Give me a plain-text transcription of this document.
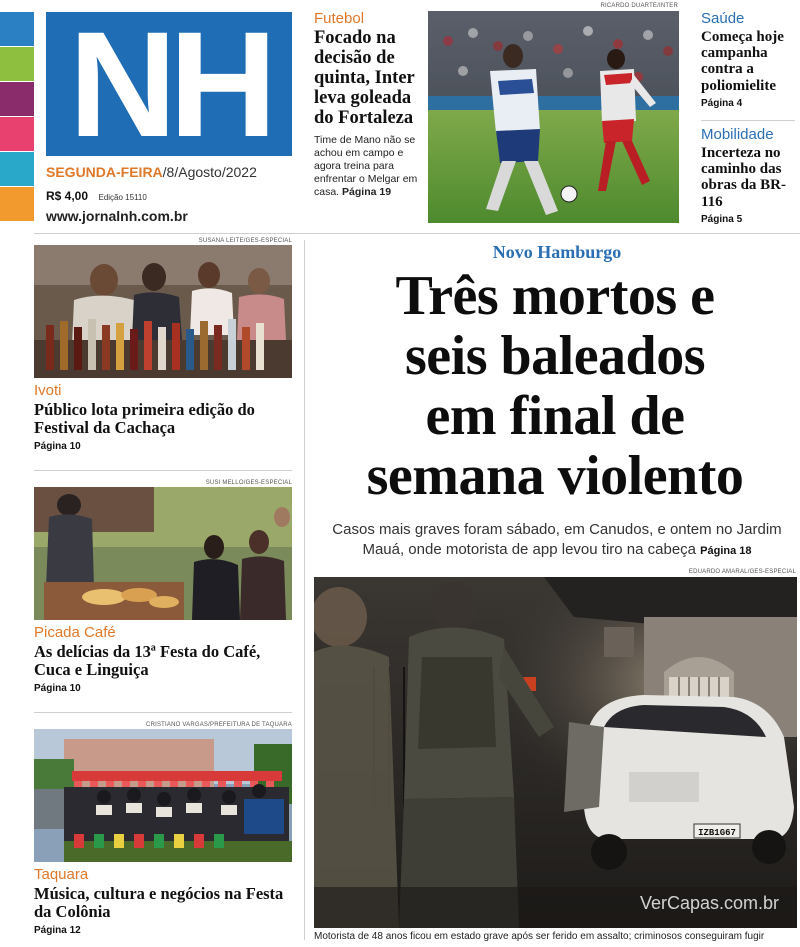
NH
SEGUNDA-FEIRA/8/Agosto/2022
R$ 4,00 Edição 15110
www.jornalnh.com.br
Futebol
Focado na decisão de quinta, Inter leva goleada do Fortaleza
Time de Mano não se achou em campo e agora treina para enfrentar o Melgar em casa. Página 19
RICARDO DUARTE/INTER
Saúde
Começa hoje campanha contra a poliomielite
Página 4
Mobilidade
Incerteza no caminho das obras da BR-116
Página 5
SUSANA LEITE/GES-ESPECIAL
Ivoti
Público lota primeira edição do Festival da Cachaça
Página 10
SUSI MELLO/GES-ESPECIAL
Picada Café
As delícias da 13ª Festa do Café, Cuca e Linguiça
Página 10
CRISTIANO VARGAS/PREFEITURA DE TAQUARA
Taquara
Música, cultura e negócios na Festa da Colônia
Página 12
Novo Hamburgo
Três mortos e
seis baleados
em final de
semana violento
Casos mais graves foram sábado, em Canudos, e ontem no Jardim Mauá, onde motorista de app levou tiro na cabeça Página 18
EDUARDO AMARAL/GES-ESPECIAL
IZB1G67
VerCapas.com.br
Motorista de 48 anos ficou em estado grave após ser ferido em assalto; criminosos conseguiram fugir
